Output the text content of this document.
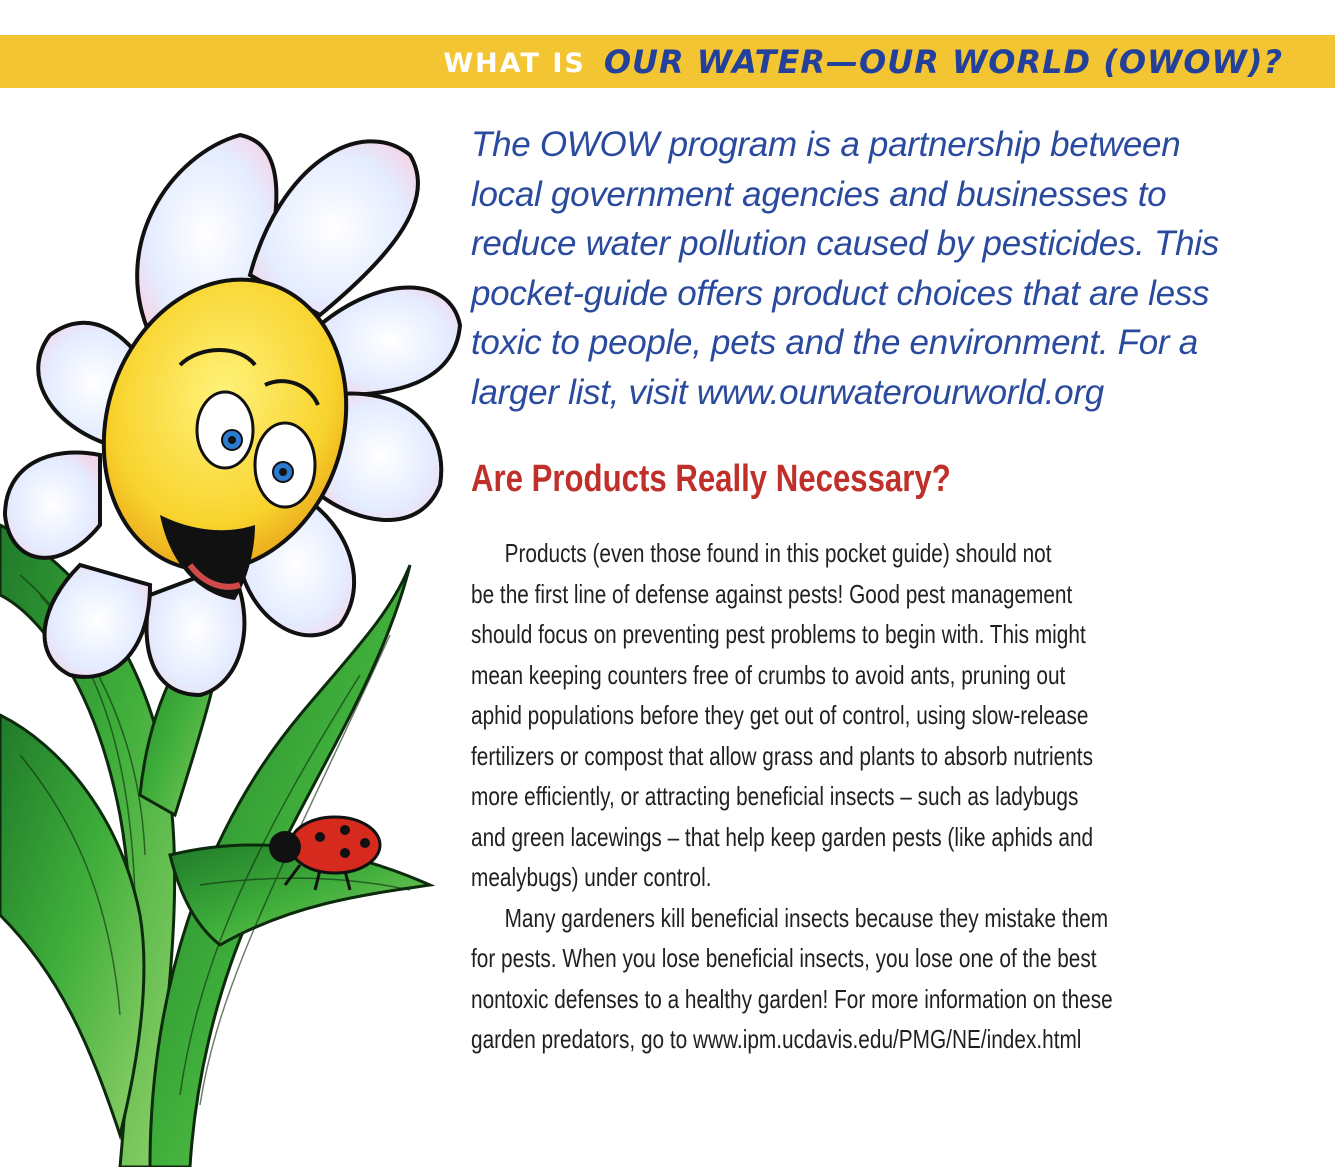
WHAT IS OUR WATER—OUR WORLD (OWOW)?
The OWOW program is a partnership between
local government agencies and businesses to
reduce water pollution caused by pesticides. This
pocket-guide offers product choices that are less
toxic to people, pets and the environment. For a
larger list, visit www.ourwaterourworld.org
Are Products Really Necessary?
Products (even those found in this pocket guide) should not
be the first line of defense against pests! Good pest management
should focus on preventing pest problems to begin with. This might
mean keeping counters free of crumbs to avoid ants, pruning out
aphid populations before they get out of control, using slow-release
fertilizers or compost that allow grass and plants to absorb nutrients
more efficiently, or attracting beneficial insects – such as ladybugs
and green lacewings – that help keep garden pests (like aphids and
mealybugs) under control.
Many gardeners kill beneficial insects because they mistake them
for pests. When you lose beneficial insects, you lose one of the best
nontoxic defenses to a healthy garden! For more information on these
garden predators, go to www.ipm.ucdavis.edu/PMG/NE/index.html
